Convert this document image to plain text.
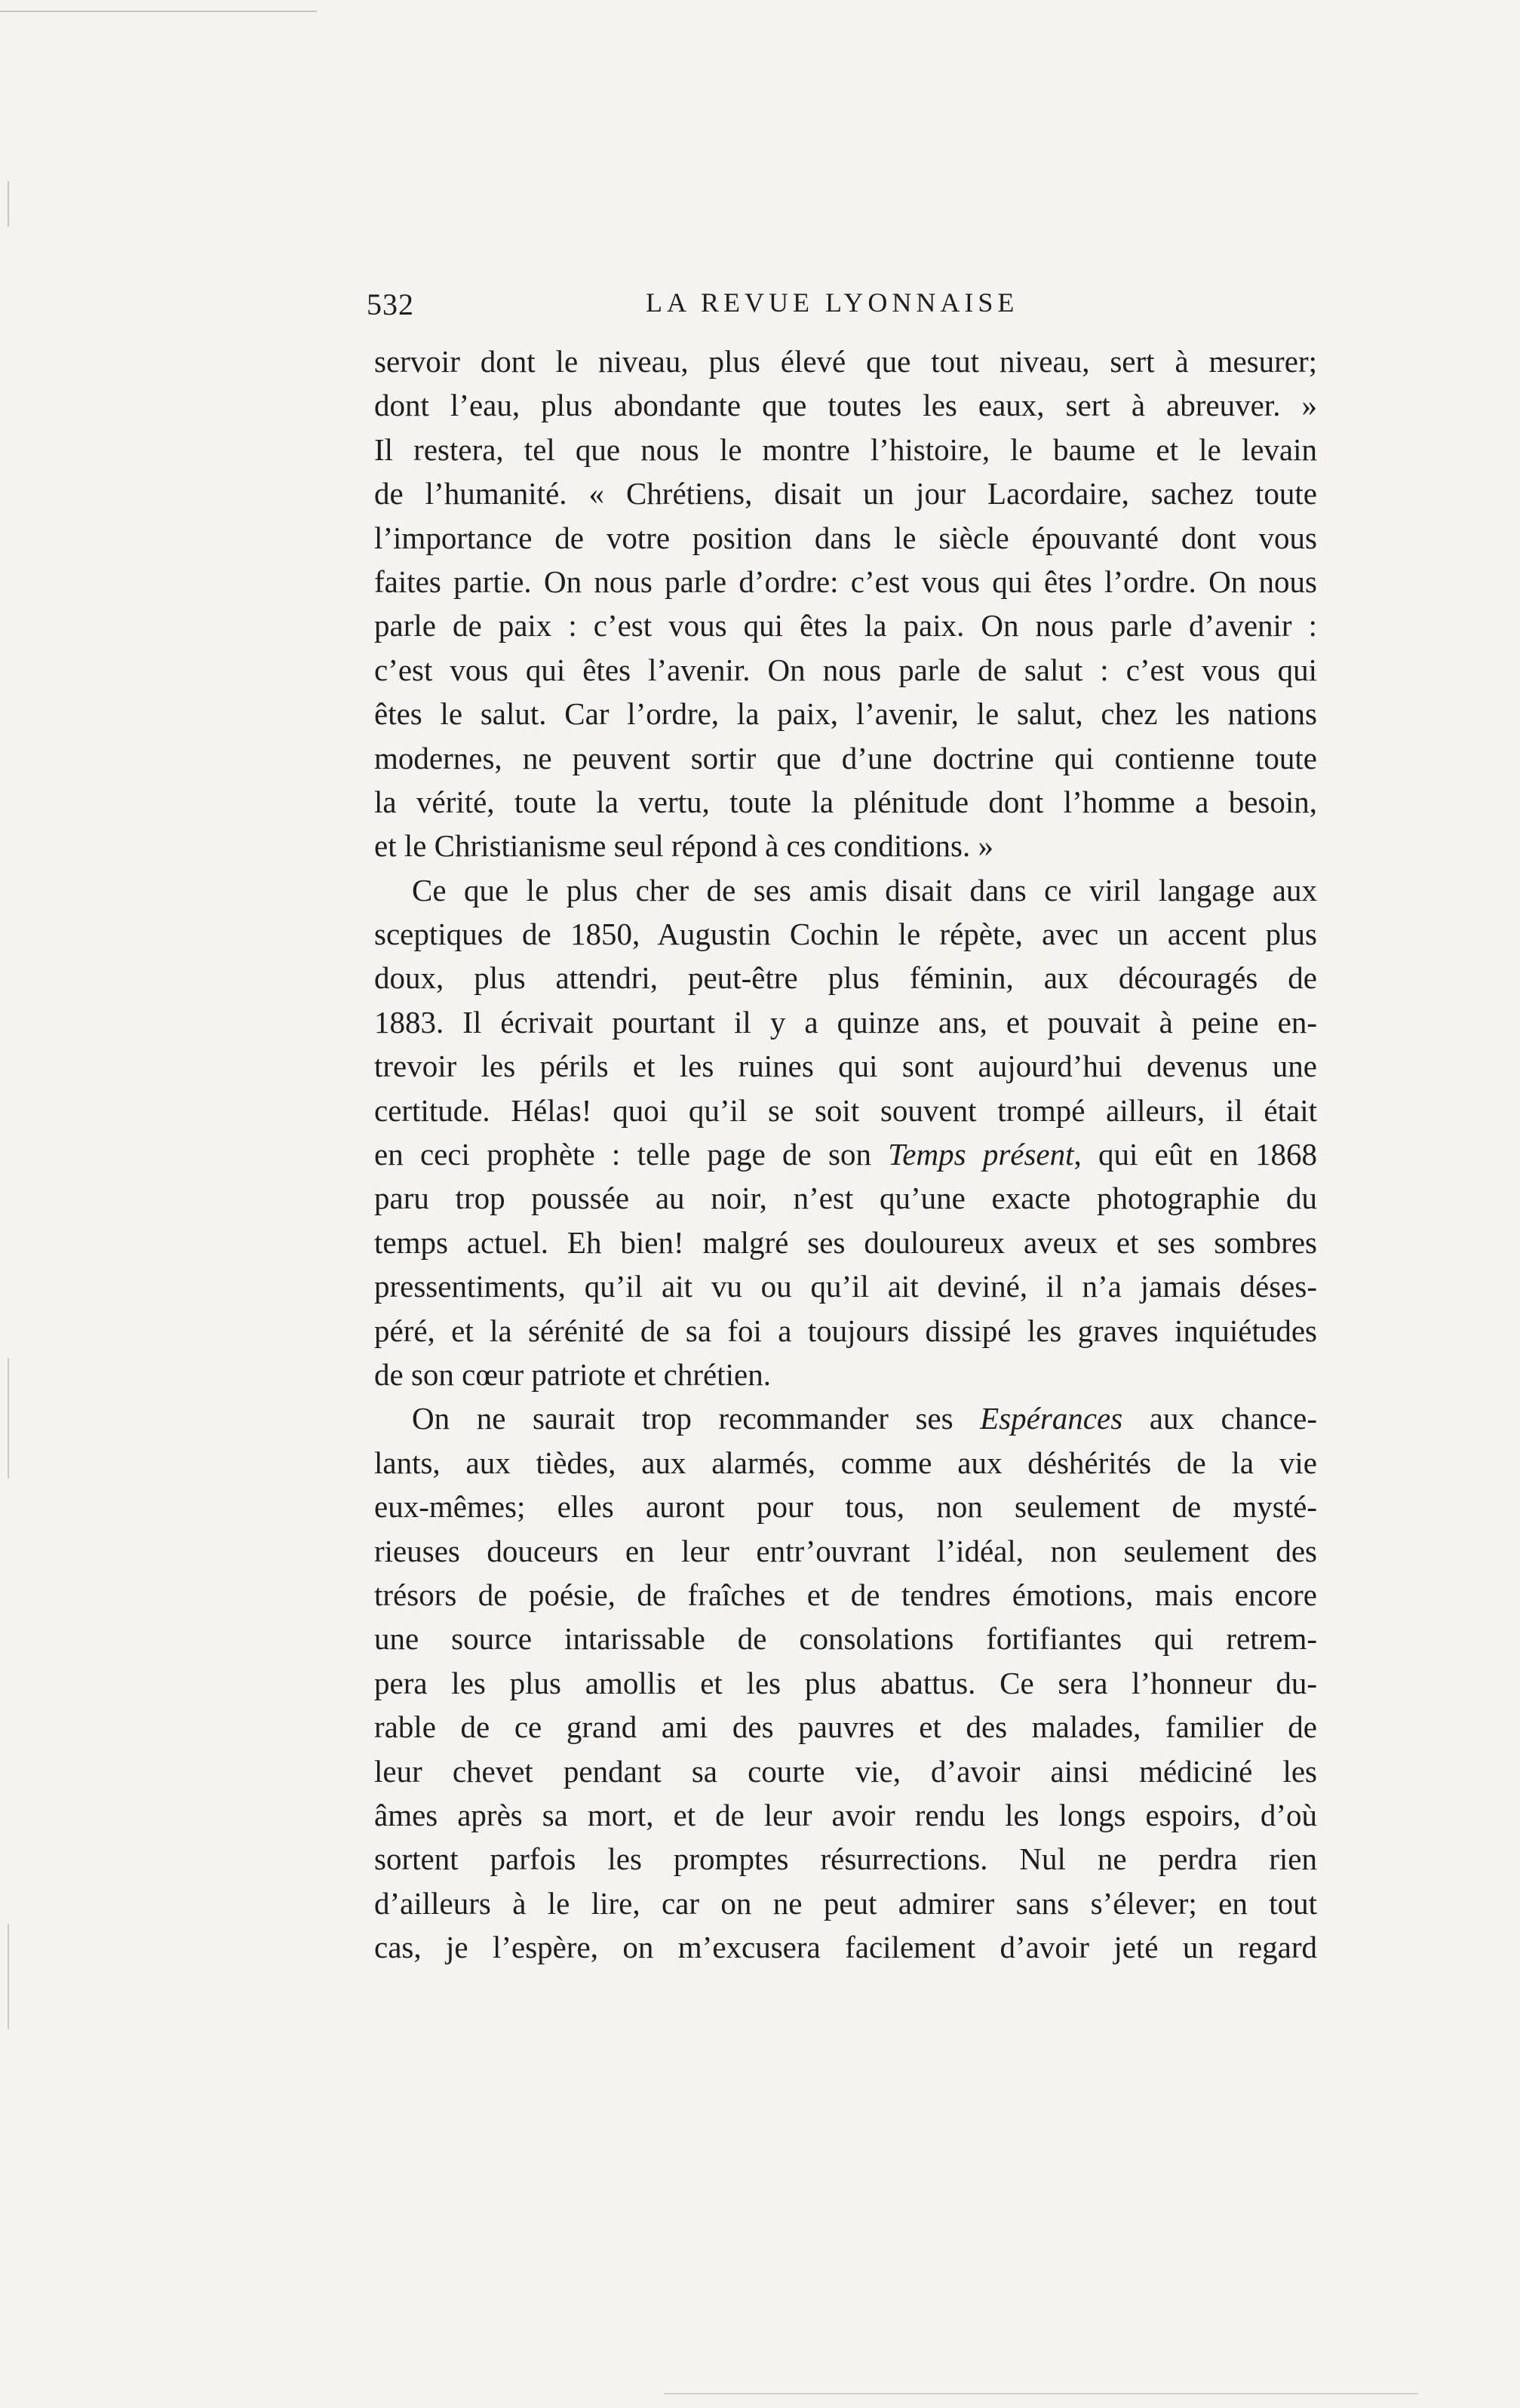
532	LA REVUE LYONNAISE
servoir dont le niveau, plus élevé que tout niveau, sert à mesurer;
dont l’eau, plus abondante que toutes les eaux, sert à abreuver. »
Il restera, tel que nous le montre l’histoire, le baume et le levain
de l’humanité. « Chrétiens, disait un jour Lacordaire, sachez toute
l’importance de votre position dans le siècle épouvanté dont vous
faites partie. On nous parle d’ordre: c’est vous qui êtes l’ordre. On nous
parle de paix : c’est vous qui êtes la paix. On nous parle d’avenir :
c’est vous qui êtes l’avenir. On nous parle de salut : c’est vous qui
êtes le salut. Car l’ordre, la paix, l’avenir, le salut, chez les nations
modernes, ne peuvent sortir que d’une doctrine qui contienne toute
la vérité, toute la vertu, toute la plénitude dont l’homme a besoin,
et le Christianisme seul répond à ces conditions. »
Ce que le plus cher de ses amis disait dans ce viril langage aux
sceptiques de 1850, Augustin Cochin le répète, avec un accent plus
doux, plus attendri, peut-être plus féminin, aux découragés de
1883. Il écrivait pourtant il y a quinze ans, et pouvait à peine en-
trevoir les périls et les ruines qui sont aujourd’hui devenus une
certitude. Hélas! quoi qu’il se soit souvent trompé ailleurs, il était
en ceci prophète : telle page de son Temps présent, qui eût en 1868
paru trop poussée au noir, n’est qu’une exacte photographie du
temps actuel. Eh bien! malgré ses douloureux aveux et ses sombres
pressentiments, qu’il ait vu ou qu’il ait deviné, il n’a jamais déses-
péré, et la sérénité de sa foi a toujours dissipé les graves inquiétudes
de son cœur patriote et chrétien.
On ne saurait trop recommander ses Espérances aux chance-
lants, aux tièdes, aux alarmés, comme aux déshérités de la vie
eux-mêmes; elles auront pour tous, non seulement de mysté-
rieuses douceurs en leur entr’ouvrant l’idéal, non seulement des
trésors de poésie, de fraîches et de tendres émotions, mais encore
une source intarissable de consolations fortifiantes qui retrem-
pera les plus amollis et les plus abattus. Ce sera l’honneur du-
rable de ce grand ami des pauvres et des malades, familier de
leur chevet pendant sa courte vie, d’avoir ainsi médiciné les
âmes après sa mort, et de leur avoir rendu les longs espoirs, d’où
sortent parfois les promptes résurrections. Nul ne perdra rien
d’ailleurs à le lire, car on ne peut admirer sans s’élever; en tout
cas, je l’espère, on m’excusera facilement d’avoir jeté un regard
